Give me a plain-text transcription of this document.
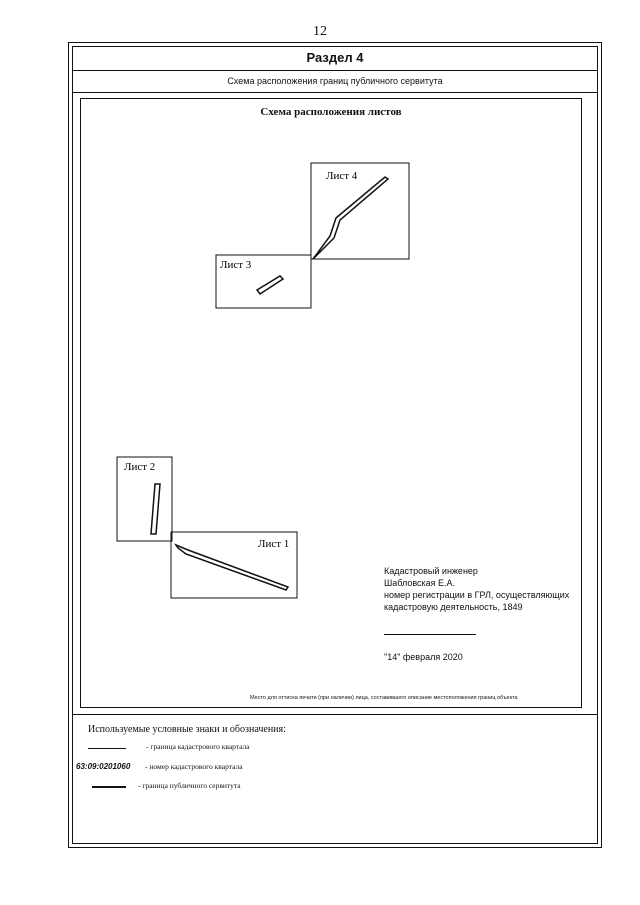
12
Раздел 4
Схема расположения границ публичного сервитута
Схема расположения листов
Лист 4
Лист 3
Лист 2
Лист 1
Кадастровый инженер
Шабловская Е.А.
номер регистрации в ГРЛ, осуществляющих
кадастровую деятельность, 1849
"14" февраля 2020
Место для оттиска печати (при наличии) лица, составившего описание местоположения границ объекта
Используемые условные знаки и обозначения:
- граница кадастрового квартала
63:09:0201060 - номер кадастрового квартала
- граница публичного сервитута
